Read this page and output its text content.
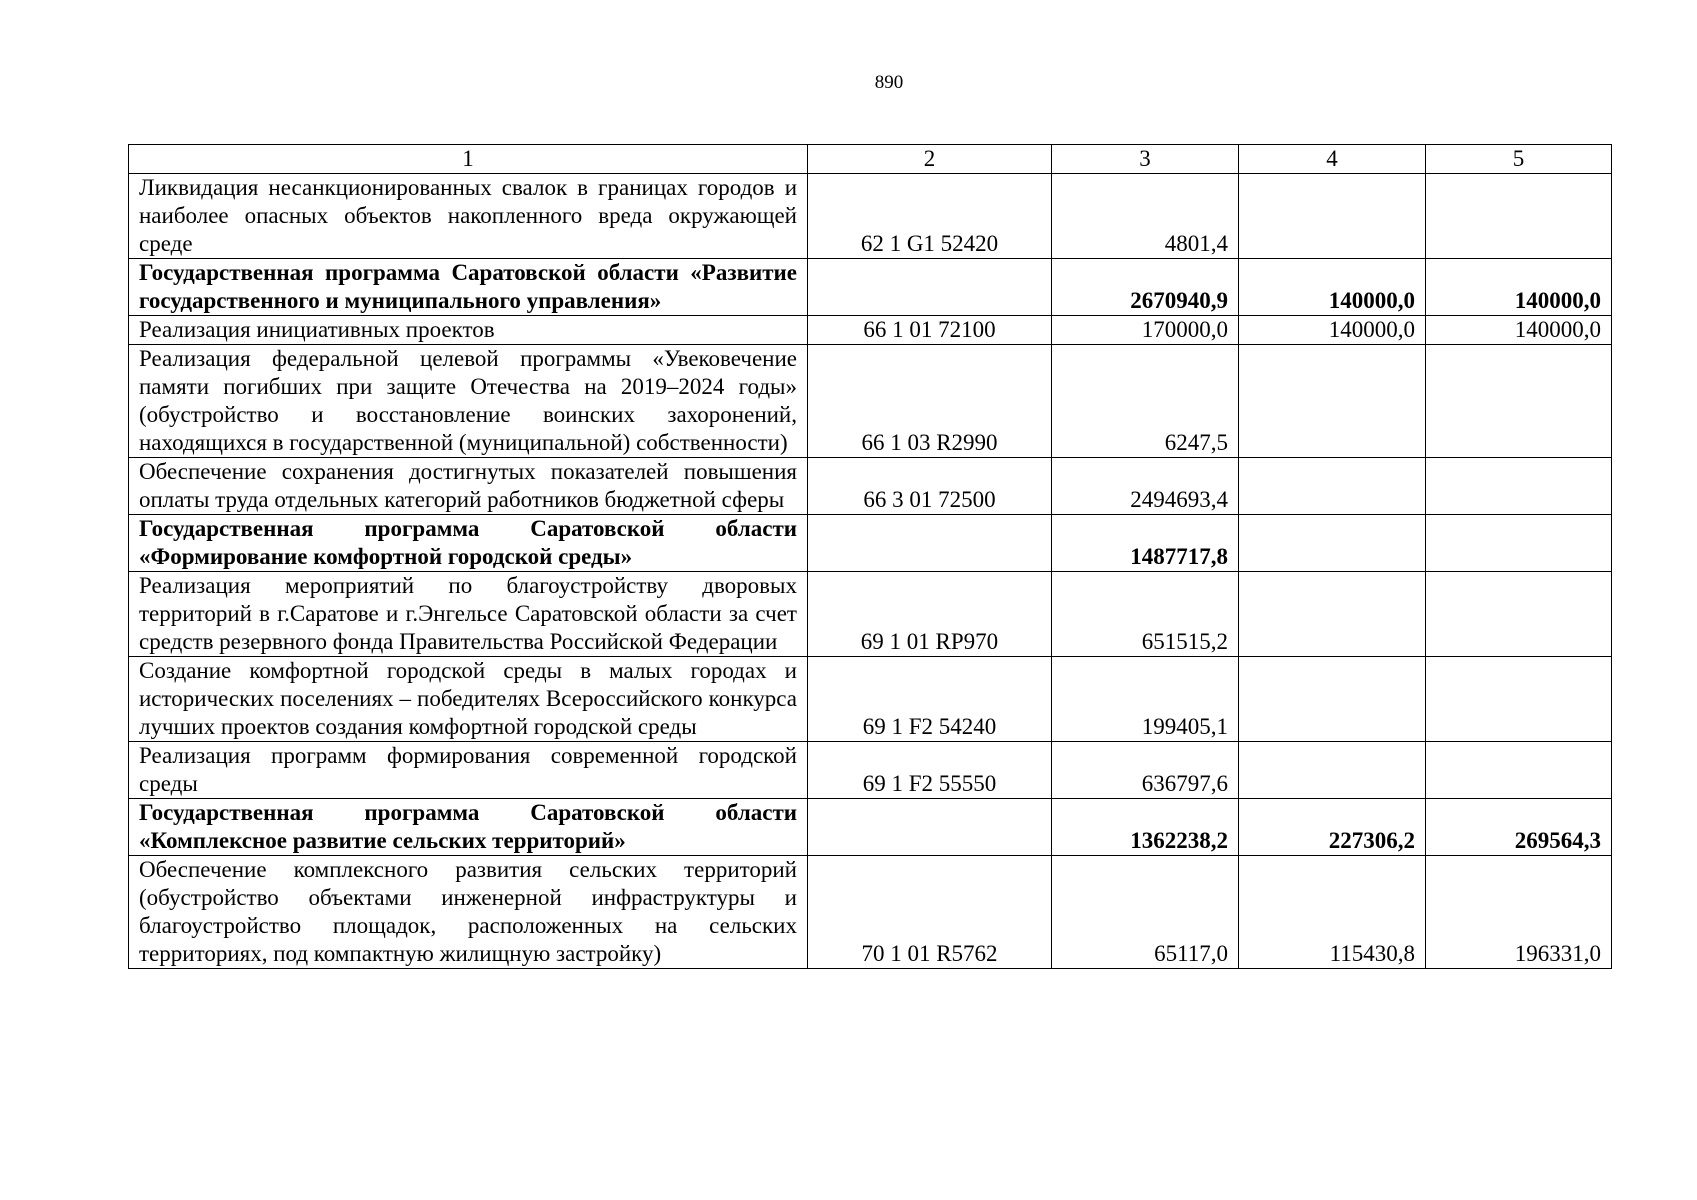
890
1	2	3	4	5
Ликвидация несанкционированных свалок в границах городов и наиболее опасных объектов накопленного вреда окружающей среде	62 1 G1 52420	4801,4		
Государственная программа Саратовской области «Развитие государственного и муниципального управления»		2670940,9	140000,0	140000,0
Реализация инициативных проектов	66 1 01 72100	170000,0	140000,0	140000,0
Реализация федеральной целевой программы «Увековечение памяти погибших при защите Отечества на 2019–2024 годы» (обустройство и восстановление воинских захоронений, находящихся в государственной (муниципальной) собственности)	66 1 03 R2990	6247,5		
Обеспечение сохранения достигнутых показателей повышения оплаты труда отдельных категорий работников бюджетной сферы	66 3 01 72500	2494693,4		
Государственная программа Саратовской области «Формирование комфортной городской среды»		1487717,8		
Реализация мероприятий по благоустройству дворовых территорий в г.Саратове и г.Энгельсе Саратовской области за счет средств резервного фонда Правительства Российской Федерации	69 1 01 RP970	651515,2		
Создание комфортной городской среды в малых городах и исторических поселениях – победителях Всероссийского конкурса лучших проектов создания комфортной городской среды	69 1 F2 54240	199405,1		
Реализация программ формирования современной городской среды	69 1 F2 55550	636797,6		
Государственная программа Саратовской области «Комплексное развитие сельских территорий»		1362238,2	227306,2	269564,3
Обеспечение комплексного развития сельских территорий (обустройство объектами инженерной инфраструктуры и благоустройство площадок, расположенных на сельских территориях, под компактную жилищную застройку)	70 1 01 R5762	65117,0	115430,8	196331,0
